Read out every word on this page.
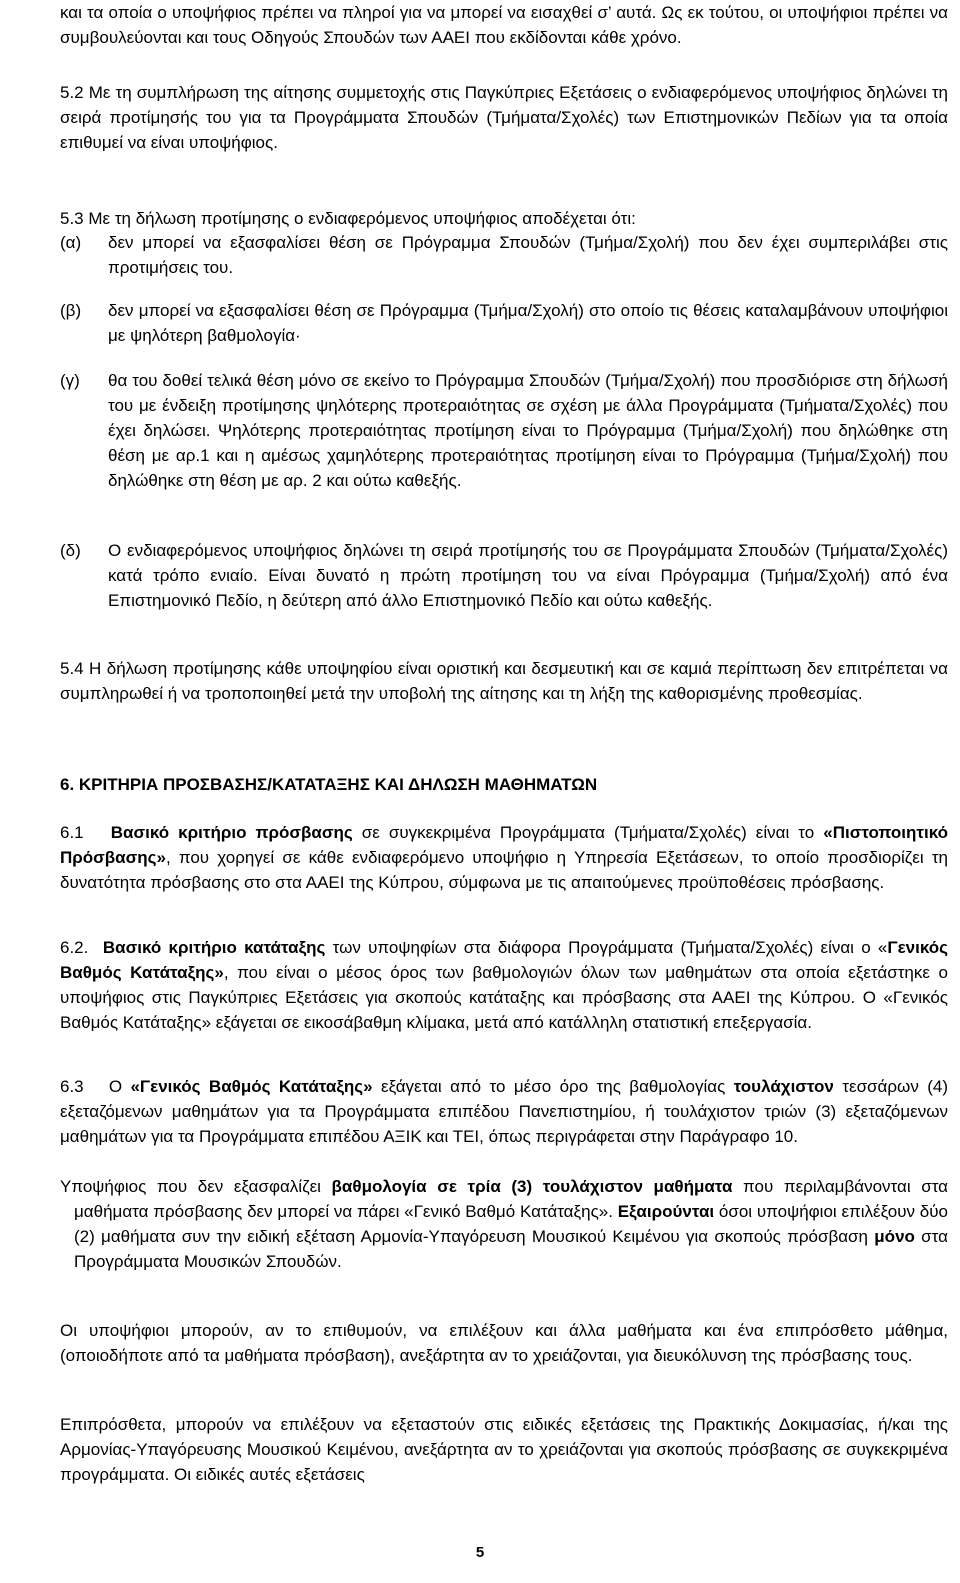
και τα οποία ο υποψήφιος πρέπει να πληροί για να μπορεί να εισαχθεί σ’ αυτά. Ως εκ τούτου, οι υποψήφιοι πρέπει να συμβουλεύονται και τους Οδηγούς Σπουδών των ΑΑΕΙ που εκδίδονται κάθε χρόνο.

5.2 Με τη συμπλήρωση της αίτησης συμμετοχής στις Παγκύπριες Εξετάσεις ο ενδιαφερόμενος υποψήφιος δηλώνει τη σειρά προτίμησής του για τα Προγράμματα Σπουδών (Τμήματα/Σχολές) των Επιστημονικών Πεδίων για τα οποία επιθυμεί να είναι υποψήφιος.

5.3 Με τη δήλωση προτίμησης ο ενδιαφερόμενος υποψήφιος αποδέχεται ότι:

(α) δεν μπορεί να εξασφαλίσει θέση σε Πρόγραμμα Σπουδών (Τμήμα/Σχολή) που δεν έχει συμπεριλάβει στις προτιμήσεις του.

(β) δεν μπορεί να εξασφαλίσει θέση σε Πρόγραμμα (Τμήμα/Σχολή) στο οποίο τις θέσεις καταλαμβάνουν υποψήφιοι με ψηλότερη βαθμολογία·

(γ) θα του δοθεί τελικά θέση μόνο σε εκείνο το Πρόγραμμα Σπουδών (Τμήμα/Σχολή) που προσδιόρισε στη δήλωσή του με ένδειξη προτίμησης ψηλότερης προτεραιότητας σε σχέση με άλλα Προγράμματα (Τμήματα/Σχολές) που έχει δηλώσει. Ψηλότερης προτεραιότητας προτίμηση είναι το Πρόγραμμα (Τμήμα/Σχολή) που δηλώθηκε στη θέση με αρ.1 και η αμέσως χαμηλότερης προτεραιότητας προτίμηση είναι το Πρόγραμμα (Τμήμα/Σχολή) που δηλώθηκε στη θέση με αρ. 2 και ούτω καθεξής.

(δ) Ο ενδιαφερόμενος υποψήφιος δηλώνει τη σειρά προτίμησής του σε Προγράμματα Σπουδών (Τμήματα/Σχολές) κατά τρόπο ενιαίο. Είναι δυνατό η πρώτη προτίμηση του να είναι Πρόγραμμα (Τμήμα/Σχολή) από ένα Επιστημονικό Πεδίο, η δεύτερη από άλλο Επιστημονικό Πεδίο και ούτω καθεξής.

5.4 Η δήλωση προτίμησης κάθε υποψηφίου είναι οριστική και δεσμευτική και σε καμιά περίπτωση δεν επιτρέπεται να συμπληρωθεί ή να τροποποιηθεί μετά την υποβολή της αίτησης και τη λήξη της καθορισμένης προθεσμίας.

6. ΚΡΙΤΗΡΙΑ ΠΡΟΣΒΑΣΗΣ/ΚΑΤΑΤΑΞΗΣ ΚΑΙ ΔΗΛΩΣΗ ΜΑΘΗΜΑΤΩΝ

6.1 Βασικό κριτήριο πρόσβασης σε συγκεκριμένα Προγράμματα (Τμήματα/Σχολές) είναι το «Πιστοποιητικό Πρόσβασης», που χορηγεί σε κάθε ενδιαφερόμενο υποψήφιο η Υπηρεσία Εξετάσεων, το οποίο προσδιορίζει τη δυνατότητα πρόσβασης στο στα ΑΑΕΙ της Κύπρου, σύμφωνα με τις απαιτούμενες προϋποθέσεις πρόσβασης.

6.2. Βασικό κριτήριο κατάταξης των υποψηφίων στα διάφορα Προγράμματα (Τμήματα/Σχολές) είναι ο «Γενικός Βαθμός Κατάταξης», που είναι ο μέσος όρος των βαθμολογιών όλων των μαθημάτων στα οποία εξετάστηκε ο υποψήφιος στις Παγκύπριες Εξετάσεις για σκοπούς κατάταξης και πρόσβασης στα ΑΑΕΙ της Κύπρου. Ο «Γενικός Βαθμός Κατάταξης» εξάγεται σε εικοσάβαθμη κλίμακα, μετά από κατάλληλη στατιστική επεξεργασία.

6.3   Ο «Γενικός Βαθμός Κατάταξης» εξάγεται από το μέσο όρο της βαθμολογίας τουλάχιστον τεσσάρων (4) εξεταζόμενων μαθημάτων για τα Προγράμματα επιπέδου Πανεπιστημίου, ή τουλάχιστον τριών (3) εξεταζόμενων μαθημάτων για τα Προγράμματα επιπέδου ΑΞΙΚ και ΤΕΙ, όπως περιγράφεται στην Παράγραφο 10.

Υποψήφιος που δεν εξασφαλίζει βαθμολογία σε τρία (3) τουλάχιστον μαθήματα που περιλαμβάνονται στα μαθήματα πρόσβασης δεν μπορεί να πάρει «Γενικό Βαθμό Κατάταξης». Εξαιρούνται όσοι υποψήφιοι επιλέξουν δύο (2) μαθήματα συν την ειδική εξέταση Αρμονία-Υπαγόρευση Μουσικού Κειμένου για σκοπούς πρόσβαση μόνο στα Προγράμματα Μουσικών Σπουδών.

Οι υποψήφιοι μπορούν, αν το επιθυμούν, να επιλέξουν και άλλα μαθήματα και ένα επιπρόσθετο μάθημα, (οποιοδήποτε από τα μαθήματα πρόσβαση), ανεξάρτητα αν το χρειάζονται, για διευκόλυνση της πρόσβασης τους.

Επιπρόσθετα, μπορούν να επιλέξουν να εξεταστούν στις ειδικές εξετάσεις της Πρακτικής Δοκιμασίας, ή/και της Αρμονίας-Υπαγόρευσης Μουσικού Κειμένου, ανεξάρτητα αν το χρειάζονται για σκοπούς πρόσβασης σε συγκεκριμένα προγράμματα. Οι ειδικές αυτές εξετάσεις

5
